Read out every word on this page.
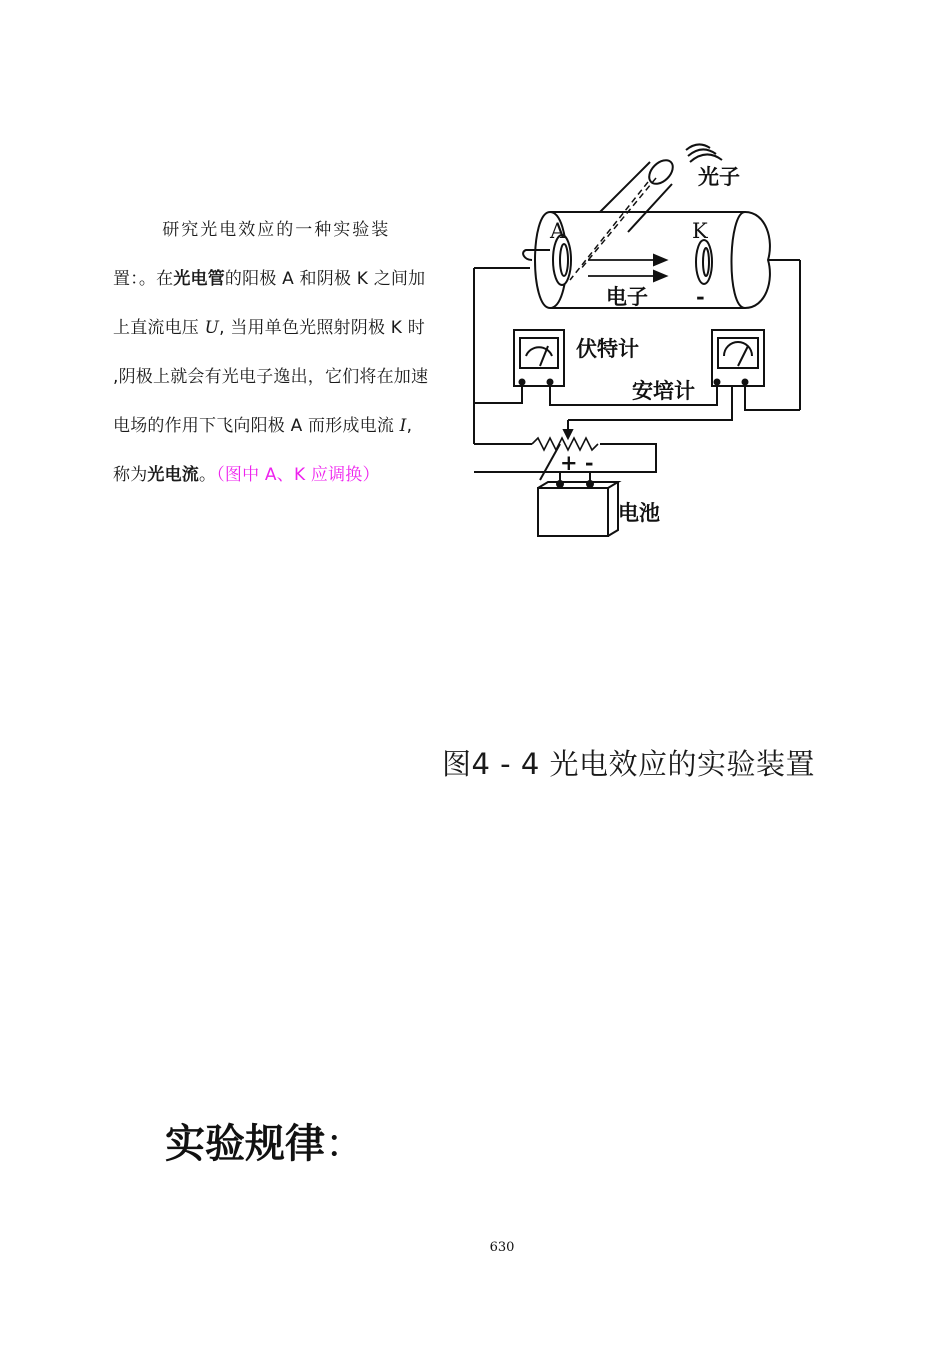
研究光电效应的一种实验装

置：。在光电管的阳极 A 和阴极 K 之间加上直流电压 U, 当用单色光照射阴极 K 时 ,阴极上就会有光电子逸出，它们将在加速电场的作用下飞向阳极 A 而形成电流 I, 称为光电流。（图中 A、K 应调换）

光子
A	K
电子 -
伏特计
安培计
+ -
电池
图4 - 4 光电效应的实验装置
实验规律：
630
